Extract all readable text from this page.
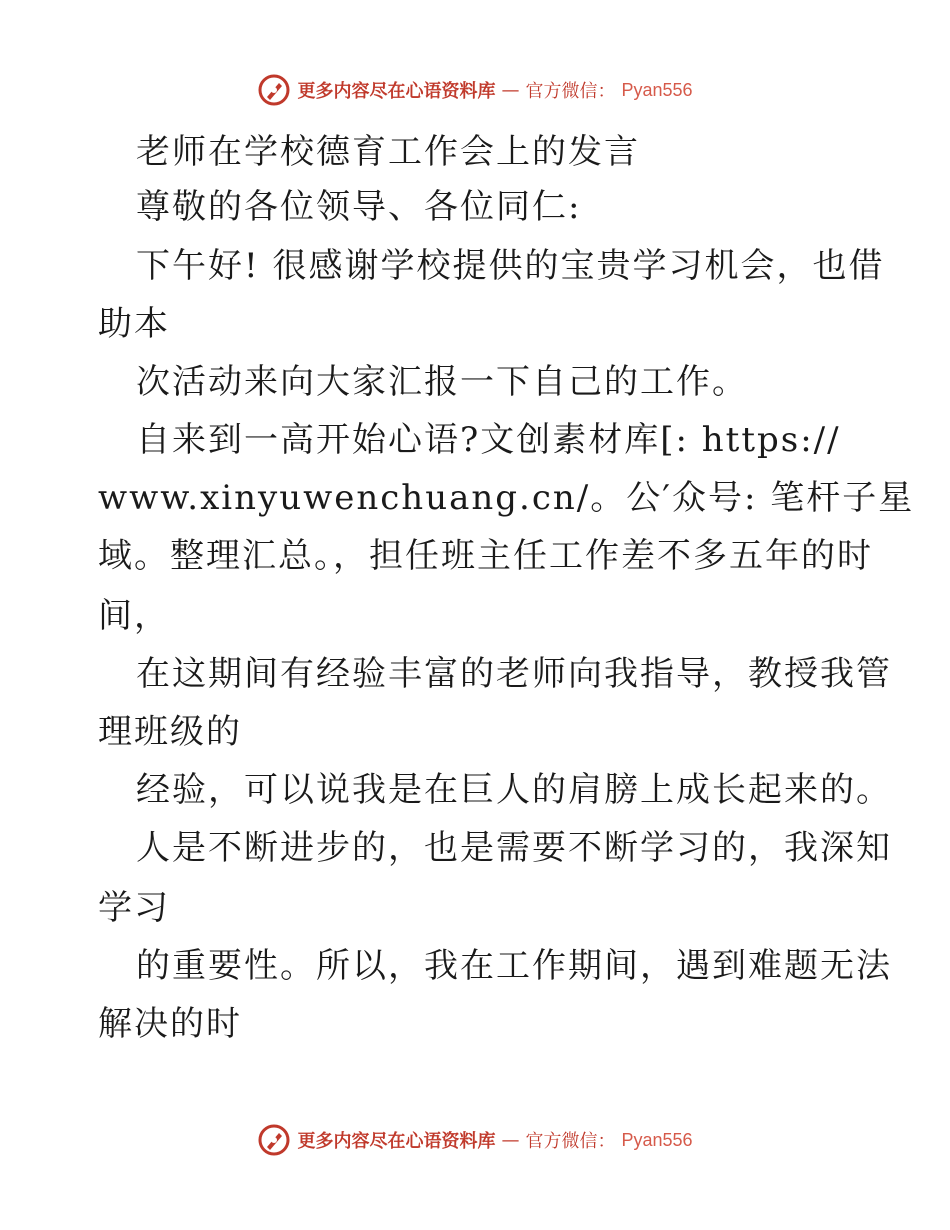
更多内容尽在心语资料库 — 官方微信： Pyan556
老师在学校德育工作会上的发言
尊敬的各位领导、各位同仁:
下午好! 很感谢学校提供的宝贵学习机会，也借
助本
次活动来向大家汇报一下自己的工作。
自来到一高开始心语?文创素材库[: https://
www.xinyuwenchuang.cn/。公′众号: 笔杆子星
域。整理汇总。，担任班主任工作差不多五年的时
间，
在这期间有经验丰富的老师向我指导，教授我管
理班级的
经验，可以说我是在巨人的肩膀上成长起来的。
人是不断进步的，也是需要不断学习的，我深知
学习
的重要性。所以，我在工作期间，遇到难题无法
解决的时
更多内容尽在心语资料库 — 官方微信： Pyan556
